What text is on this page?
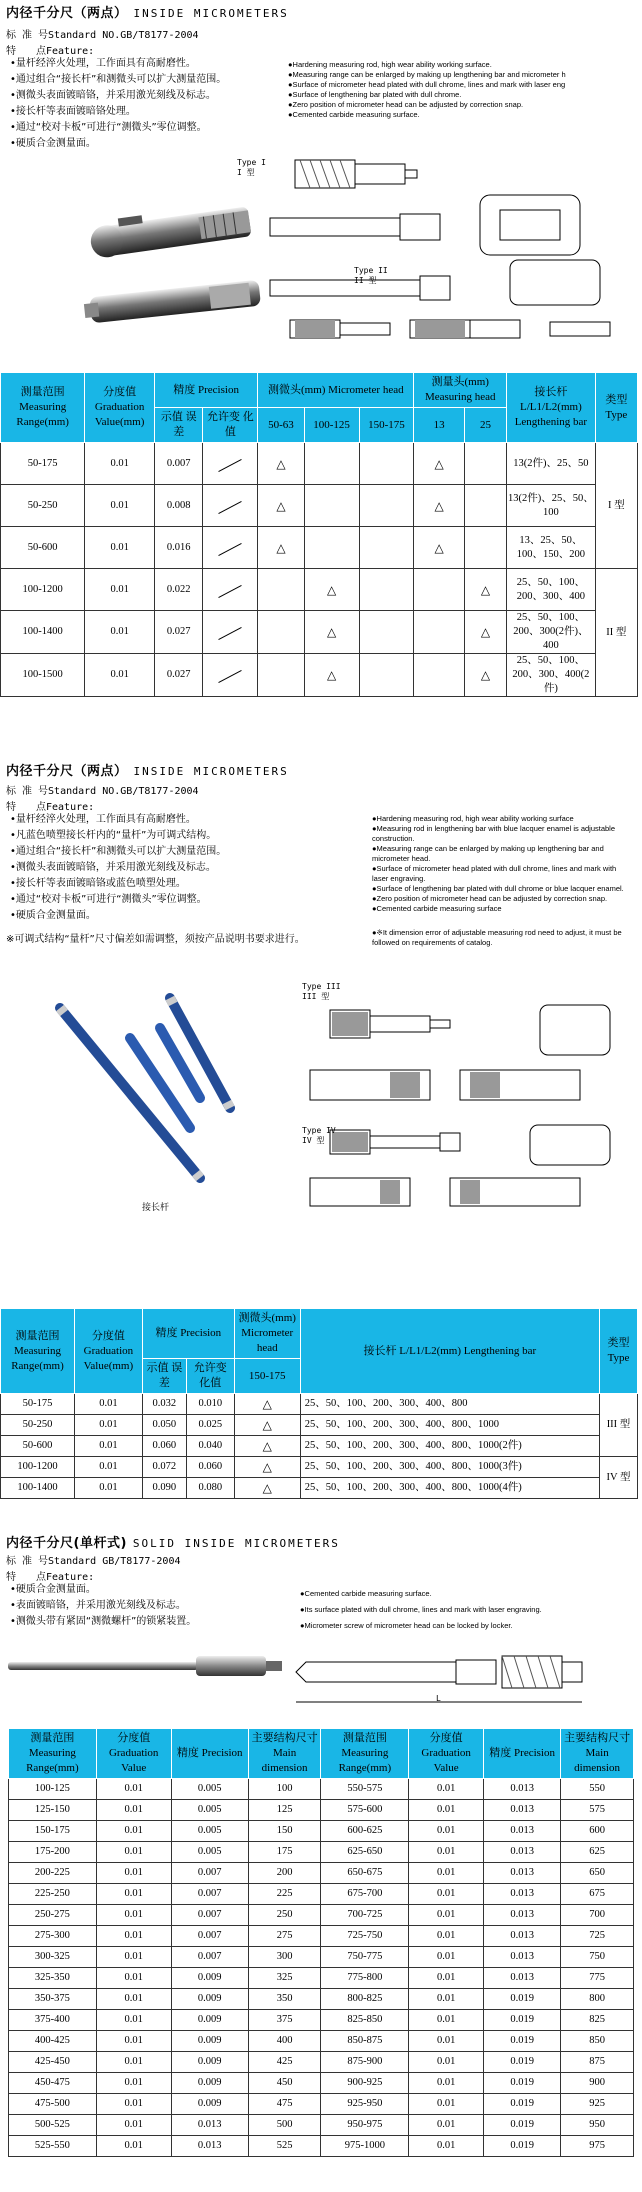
内径千分尺（两点） INSIDE MICROMETERS
标 准 号Standard NO.GB/T8177-2004
特　　点Feature:
• 量杆经淬火处理，工作面具有高耐磨性。
• 通过组合“接长杆”和测微头可以扩大测量范围。
• 测微头表面镀暗铬，并采用激光刻线及标志。
• 接长杆等表面镀暗铬处理。
• 通过“校对卡板”可进行“测微头”零位调整。
• 硬质合金测量面。
● Hardening measuring rod, high wear ability working surface.
● Measuring range can be enlarged by making up lengthening bar and micrometer h
● Surface of micrometer head plated with dull chrome, lines and mark with laser eng
● Surface of lengthening bar plated with dull chrome.
● Zero position of micrometer head can be adjusted by correction snap.
● Cemented carbide measuring surface.
Type I
I 型
Type II
II 型
测量范围 Measuring Range(mm)	分度值 Graduation Value(mm)	精度 Precision		测微头(mm) Micrometer head			测量头(mm) Measuring head		接长杆 L/L1/L2(mm) Lengthening bar	类型 Type
		示值 误差	允许变 化值	50-63	100-125	150-175	13	25		
50-175	0.01	0.007		△			△		13(2件)、25、50	I 型
50-250	0.01	0.008		△			△		13(2件)、25、50、100	
50-600	0.01	0.016		△			△		13、25、50、100、150、200	
100-1200	0.01	0.022			△			△	25、50、100、200、300、400	II 型
100-1400	0.01	0.027			△			△	25、50、100、200、300(2件)、400	
100-1500	0.01	0.027			△			△	25、50、100、200、300、400(2件)	
内径千分尺（两点） INSIDE MICROMETERS
标 准 号Standard NO.GB/T8177-2004
特　　点Feature:
• 量杆经淬火处理，工作面具有高耐磨性。
• 凡蓝色喷塑接长杆内的“量杆”为可调式结构。
• 通过组合“接长杆”和测微头可以扩大测量范围。
• 测微头表面镀暗铬，并采用激光刻线及标志。
• 接长杆等表面镀暗铬或蓝色喷塑处理。
• 通过“校对卡板”可进行“测微头”零位调整。
• 硬质合金测量面。
※可调式结构“量杆”尺寸偏差如需调整，须按产品说明书要求进行。
● Hardening measuring rod, high wear ability working surface
● Measuring rod in lengthening bar with blue lacquer enamel is adjustable construction.
● Measuring range can be enlarged by making up lengthening bar and micrometer head.
● Surface of micrometer head plated with dull chrome, lines and mark with laser engraving.
● Surface of lengthening bar plated with dull chrome or blue lacquer enamel.
● Zero position of micrometer head can be adjusted by correction snap.
● Cemented carbide measuring surface
● ※It dimension error of adjustable measuring rod need to adjust, it must be followed on requirements of catalog.
接长杆
Type III
III 型
Type IV
IV 型
测量范围 Measuring Range(mm)	分度值 Graduation Value(mm)	精度 Precision		测微头(mm) Micrometer head	接长杆 L/L1/L2(mm) Lengthening bar	类型 Type
		示值 误差	允许变 化值	150-175		
50-175	0.01	0.032	0.010	△	25、50、100、200、300、400、800	III 型
50-250	0.01	0.050	0.025	△	25、50、100、200、300、400、800、1000	
50-600	0.01	0.060	0.040	△	25、50、100、200、300、400、800、1000(2件)	
100-1200	0.01	0.072	0.060	△	25、50、100、200、300、400、800、1000(3件)	IV 型
100-1400	0.01	0.090	0.080	△	25、50、100、200、300、400、800、1000(4件)	
内径千分尺(单杆式) SOLID INSIDE MICROMETERS
标 准 号Standard GB/T8177-2004
特　　点Feature:
• 硬质合金测量面。
• 表面镀暗铬，并采用激光刻线及标志。
• 测微头带有紧固“测微螺杆”的锁紧装置。
● Cemented carbide measuring surface.
● Its surface plated with dull chrome, lines and mark with laser engraving.
● Micrometer screw of micrometer head can be locked by locker.
L
测量范围 Measuring Range(mm)	分度值 Graduation Value	精度 Precision	主要结构尺寸 Main dimension	测量范围 Measuring Range(mm)	分度值 Graduation Value	精度 Precision	主要结构尺寸 Main dimension
100-125	0.01	0.005	100	550-575	0.01	0.013	550
125-150	0.01	0.005	125	575-600	0.01	0.013	575
150-175	0.01	0.005	150	600-625	0.01	0.013	600
175-200	0.01	0.005	175	625-650	0.01	0.013	625
200-225	0.01	0.007	200	650-675	0.01	0.013	650
225-250	0.01	0.007	225	675-700	0.01	0.013	675
250-275	0.01	0.007	250	700-725	0.01	0.013	700
275-300	0.01	0.007	275	725-750	0.01	0.013	725
300-325	0.01	0.007	300	750-775	0.01	0.013	750
325-350	0.01	0.009	325	775-800	0.01	0.013	775
350-375	0.01	0.009	350	800-825	0.01	0.019	800
375-400	0.01	0.009	375	825-850	0.01	0.019	825
400-425	0.01	0.009	400	850-875	0.01	0.019	850
425-450	0.01	0.009	425	875-900	0.01	0.019	875
450-475	0.01	0.009	450	900-925	0.01	0.019	900
475-500	0.01	0.009	475	925-950	0.01	0.019	925
500-525	0.01	0.013	500	950-975	0.01	0.019	950
525-550	0.01	0.013	525	975-1000	0.01	0.019	975
